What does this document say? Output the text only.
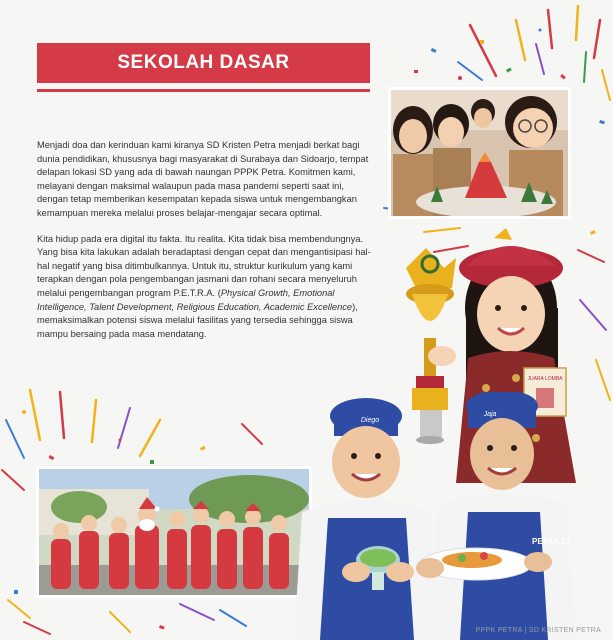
SEKOLAH DASAR

Menjadi doa dan kerinduan kami kiranya SD Kristen Petra menjadi berkat bagi dunia pendidikan, khususnya bagi masyarakat di Surabaya dan Sidoarjo, tempat delapan lokasi SD yang ada di bawah naungan PPPK Petra. Komitmen kami, melayani dengan maksimal walaupun pada masa pandemi seperti saat ini, dengan tetap memberikan kesempatan kepada siswa untuk mengembangkan kemampuan mereka melalui proses belajar-mengajar secara optimal.

Kita hidup pada era digital itu fakta. Itu realita. Kita tidak bisa membendungnya. Yang bisa kita lakukan adalah beradaptasi dengan cepat dan mengantisipasi hal-hal negatif yang bisa ditimbulkannya. Untuk itu, struktur kurikulum yang kami terapkan dengan pola pengembangan jasmani dan rohani secara menyeluruh melalui pengembangan program P.E.T.R.A. (Physical Growth, Emotional Intelligence, Talent Development, Religious Education, Academic Excellence), memaksimalkan potensi siswa melalui fasilitas yang tersedia sehingga siswa mampu bersaing pada masa mendatang.

JUARA LOMBA
Diego
Jaja
PETRA 13
PPPK PETRA | SD KRISTEN PETRA
